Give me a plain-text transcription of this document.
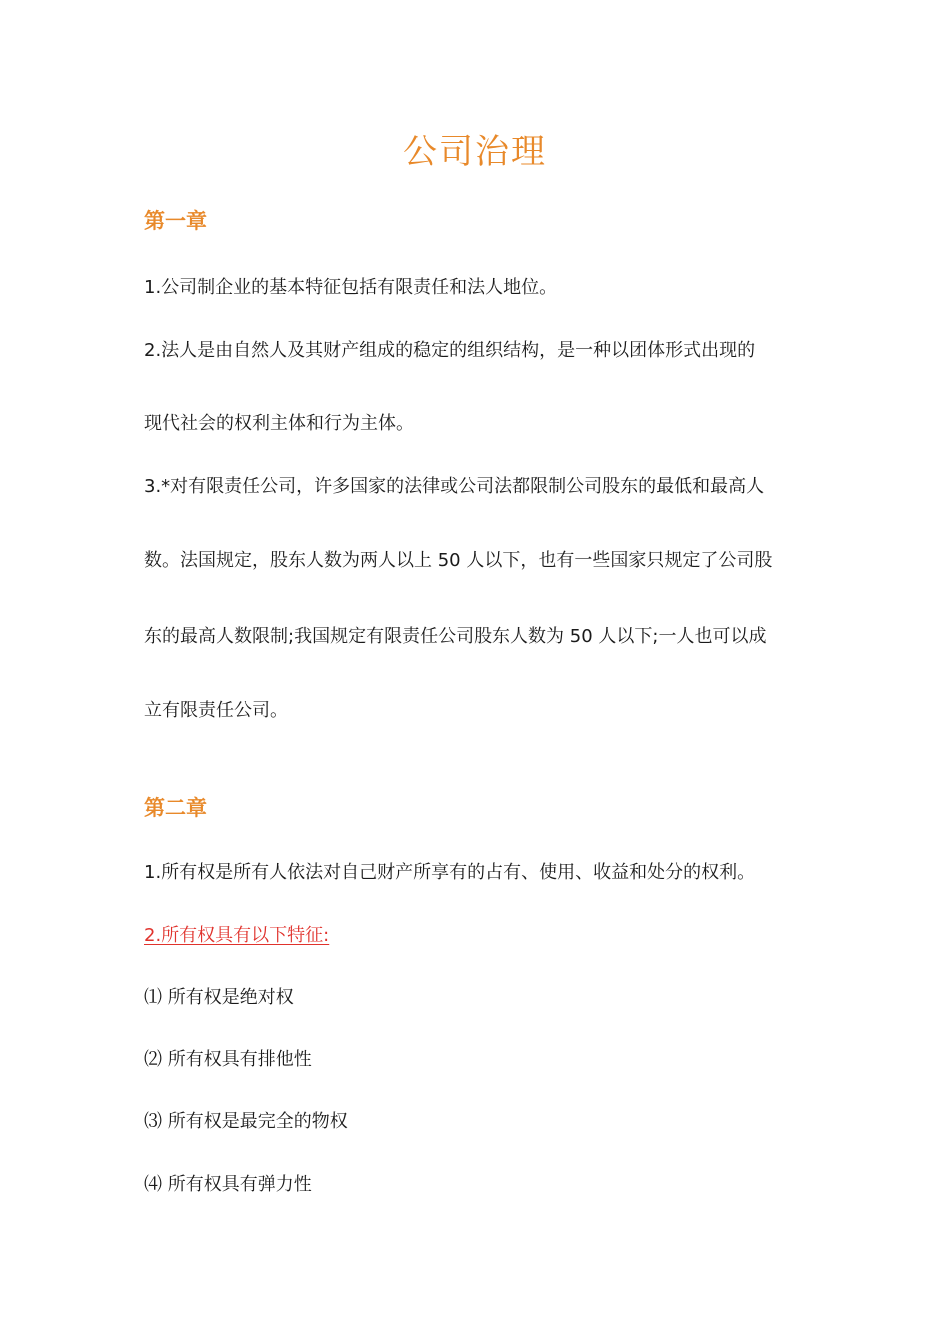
公司治理
第一章
1.公司制企业的基本特征包括有限责任和法人地位。
2.法人是由自然人及其财产组成的稳定的组织结构，是一种以团体形式出现的
现代社会的权利主体和行为主体。
3.*对有限责任公司，许多国家的法律或公司法都限制公司股东的最低和最高人
数。法国规定，股东人数为两人以上 50 人以下，也有一些国家只规定了公司股
东的最高人数限制;我国规定有限责任公司股东人数为 50 人以下;一人也可以成
立有限责任公司。
第二章
1.所有权是所有人依法对自己财产所享有的占有、使用、收益和处分的权利。
2.所有权具有以下特征:
⑴ 所有权是绝对权
⑵ 所有权具有排他性
⑶ 所有权是最完全的物权
⑷ 所有权具有弹力性
